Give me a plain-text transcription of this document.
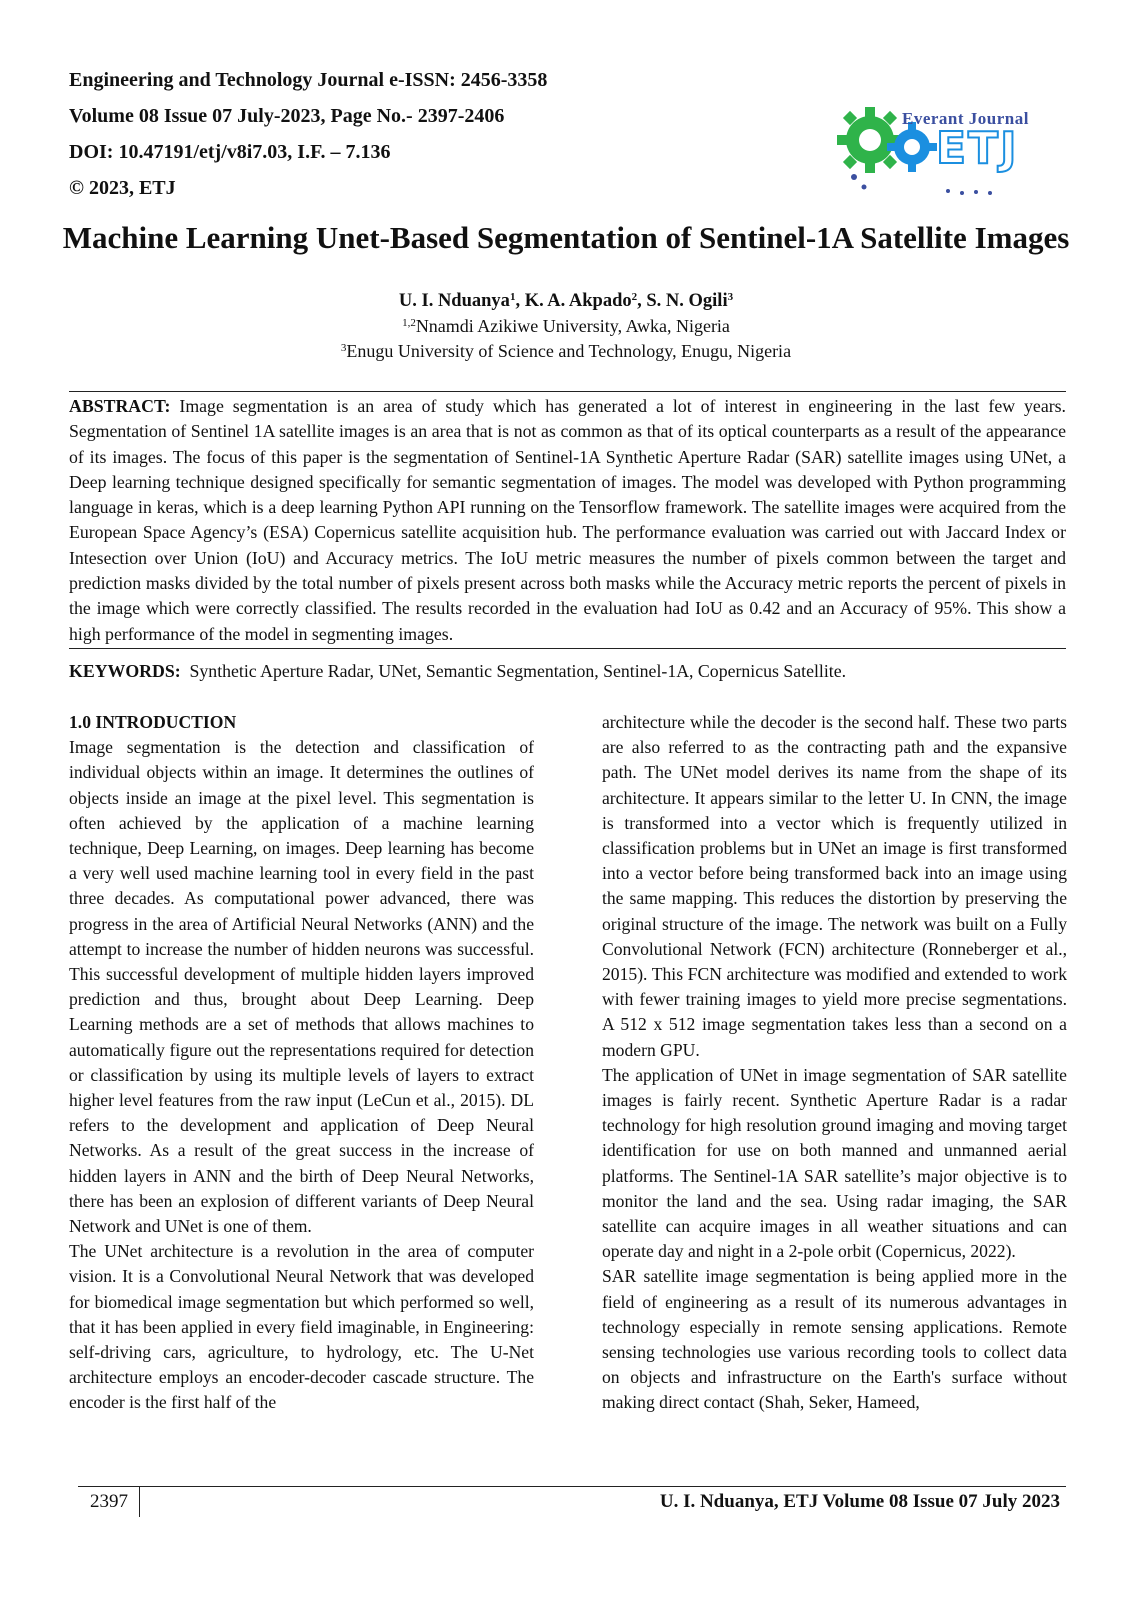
Engineering and Technology Journal e-ISSN: 2456-3358
Volume 08 Issue 07 July-2023, Page No.- 2397-2406
DOI: 10.47191/etj/v8i7.03, I.F. – 7.136
© 2023, ETJ
Everant Journal
ETJ
Machine Learning Unet-Based Segmentation of Sentinel-1A Satellite Images
U. I. Nduanya$^1$, K. A. Akpado$^2$, S. N. Ogili$^3$
$^{1,2}$Nnamdi Azikiwe University, Awka, Nigeria
$^3$Enugu University of Science and Technology, Enugu, Nigeria

ABSTRACT: Image segmentation is an area of study which has generated a lot of interest in engineering in the last few years. Segmentation of Sentinel 1A satellite images is an area that is not as common as that of its optical counterparts as a result of the appearance of its images. The focus of this paper is the segmentation of Sentinel-1A Synthetic Aperture Radar (SAR) satellite images using UNet, a Deep learning technique designed specifically for semantic segmentation of images. The model was developed with Python programming language in keras, which is a deep learning Python API running on the Tensorflow framework. The satellite images were acquired from the European Space Agency’s (ESA) Copernicus satellite acquisition hub. The performance evaluation was carried out with Jaccard Index or Intesection over Union (IoU) and Accuracy metrics. The IoU metric measures the number of pixels common between the target and prediction masks divided by the total number of pixels present across both masks while the Accuracy metric reports the percent of pixels in the image which were correctly classified. The results recorded in the evaluation had IoU as 0.42 and an Accuracy of 95%. This show a high performance of the model in segmenting images.

KEYWORDS: Synthetic Aperture Radar, UNet, Semantic Segmentation, Sentinel-1A, Copernicus Satellite.

1.0 INTRODUCTION

Image segmentation is the detection and classification of individual objects within an image. It determines the outlines of objects inside an image at the pixel level. This segmentation is often achieved by the application of a machine learning technique, Deep Learning, on images. Deep learning has become a very well used machine learning tool in every field in the past three decades. As computational power advanced, there was progress in the area of Artificial Neural Networks (ANN) and the attempt to increase the number of hidden neurons was successful. This successful development of multiple hidden layers improved prediction and thus, brought about Deep Learning. Deep Learning methods are a set of methods that allows machines to automatically figure out the representations required for detection or classification by using its multiple levels of layers to extract higher level features from the raw input (LeCun et al., 2015). DL refers to the development and application of Deep Neural Networks. As a result of the great success in the increase of hidden layers in ANN and the birth of Deep Neural Networks, there has been an explosion of different variants of Deep Neural Network and UNet is one of them.

The UNet architecture is a revolution in the area of computer vision. It is a Convolutional Neural Network that was developed for biomedical image segmentation but which performed so well, that it has been applied in every field imaginable, in Engineering: self-driving cars, agriculture, to hydrology, etc. The U-Net architecture employs an encoder-decoder cascade structure. The encoder is the first half of the

architecture while the decoder is the second half. These two parts are also referred to as the contracting path and the expansive path. The UNet model derives its name from the shape of its architecture. It appears similar to the letter U. In CNN, the image is transformed into a vector which is frequently utilized in classification problems but in UNet an image is first transformed into a vector before being transformed back into an image using the same mapping. This reduces the distortion by preserving the original structure of the image. The network was built on a Fully Convolutional Network (FCN) architecture (Ronneberger et al., 2015). This FCN architecture was modified and extended to work with fewer training images to yield more precise segmentations. A 512 x 512 image segmentation takes less than a second on a modern GPU.

The application of UNet in image segmentation of SAR satellite images is fairly recent. Synthetic Aperture Radar is a radar technology for high resolution ground imaging and moving target identification for use on both manned and unmanned aerial platforms. The Sentinel-1A SAR satellite’s major objective is to monitor the land and the sea. Using radar imaging, the SAR satellite can acquire images in all weather situations and can operate day and night in a 2-pole orbit (Copernicus, 2022).

SAR satellite image segmentation is being applied more in the field of engineering as a result of its numerous advantages in technology especially in remote sensing applications. Remote sensing technologies use various recording tools to collect data on objects and infrastructure on the Earth's surface without making direct contact (Shah, Seker, Hameed,

2397	U. I. Nduanya, ETJ Volume 08 Issue 07 July 2023
